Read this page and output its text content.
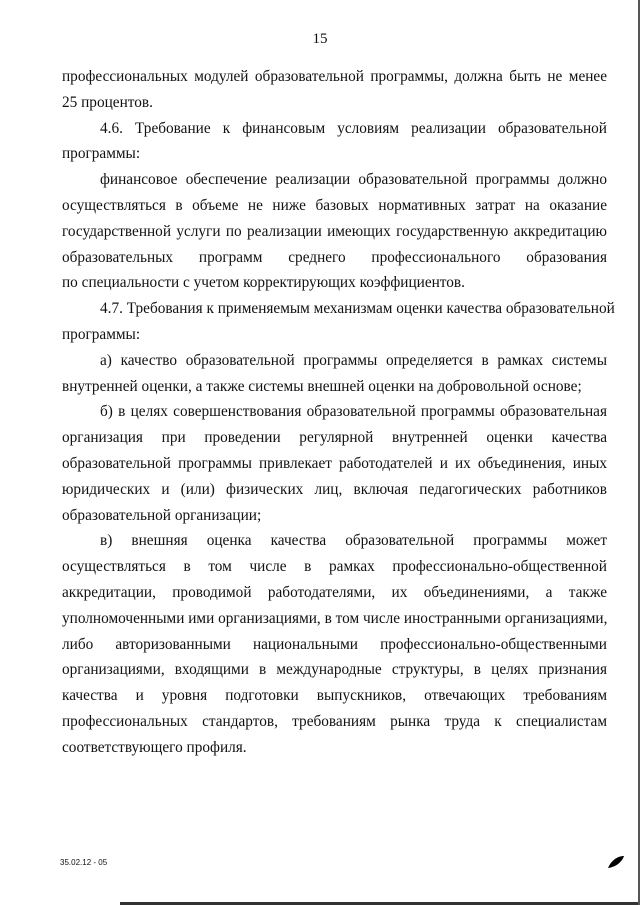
15
профессиональных модулей образовательной программы, должна быть не менее
25 процентов.
4.6. Требование к финансовым условиям реализации образовательной
программы:
финансовое обеспечение реализации образовательной программы должно
осуществляться в объеме не ниже базовых нормативных затрат на оказание
государственной услуги по реализации имеющих государственную аккредитацию
образовательных программ среднего профессионального образования
по специальности с учетом корректирующих коэффициентов.
4.7. Требования к применяемым механизмам оценки качества образовательной
программы:
а) качество образовательной программы определяется в рамках системы
внутренней оценки, а также системы внешней оценки на добровольной основе;
б) в целях совершенствования образовательной программы образовательная
организация при проведении регулярной внутренней оценки качества
образовательной программы привлекает работодателей и их объединения, иных
юридических и (или) физических лиц, включая педагогических работников
образовательной организации;
в) внешняя оценка качества образовательной программы может
осуществляться в том числе в рамках профессионально-общественной
аккредитации, проводимой работодателями, их объединениями, а также
уполномоченными ими организациями, в том числе иностранными организациями,
либо авторизованными национальными профессионально-общественными
организациями, входящими в международные структуры, в целях признания
качества и уровня подготовки выпускников, отвечающих требованиям
профессиональных стандартов, требованиям рынка труда к специалистам
соответствующего профиля.
35.02.12 - 05
